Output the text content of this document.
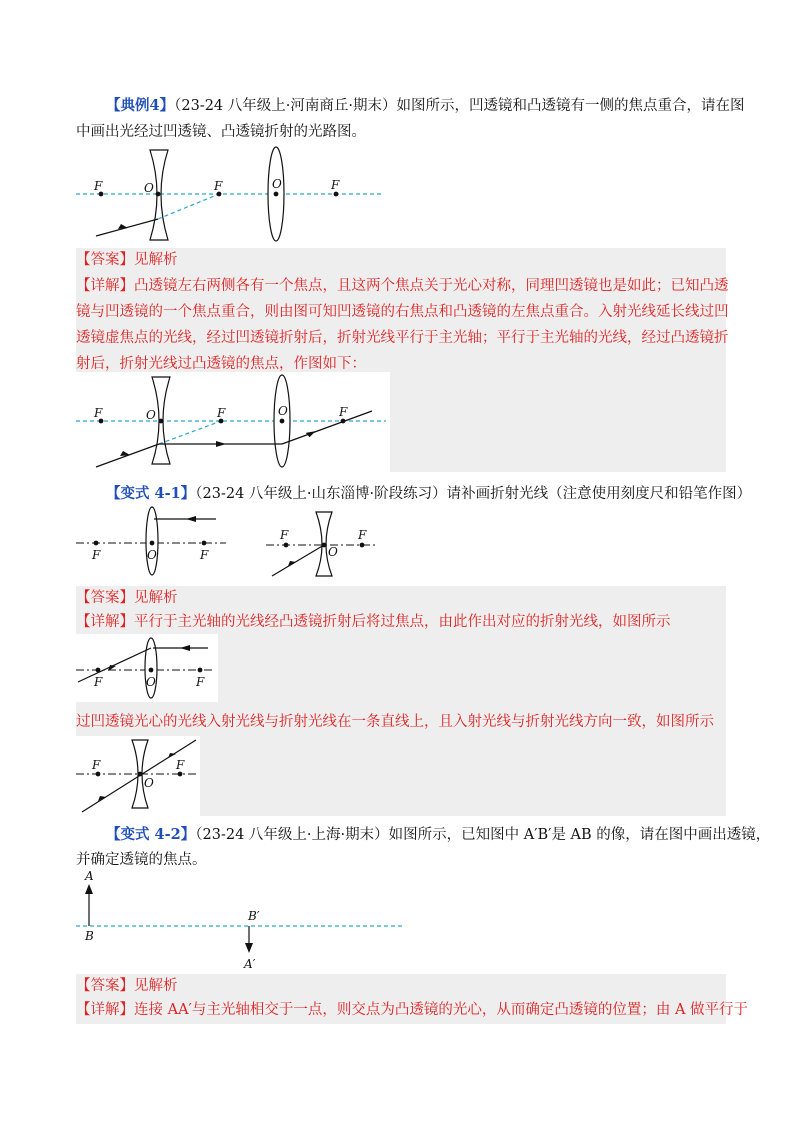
【典例4】（23-24 八年级上·河南商丘·期末）如图所示，凹透镜和凸透镜有一侧的焦点重合，请在图
中画出光经过凹透镜、凸透镜折射的光路图。
F	O	F	O	F
【答案】见解析
【详解】凸透镜左右两侧各有一个焦点，且这两个焦点关于光心对称，同理凹透镜也是如此；已知凸透
镜与凹透镜的一个焦点重合，则由图可知凹透镜的右焦点和凸透镜的左焦点重合。入射光线延长线过凹
透镜虚焦点的光线，经过凹透镜折射后，折射光线平行于主光轴；平行于主光轴的光线，经过凸透镜折
射后，折射光线过凸透镜的焦点，作图如下：
F	O	F	O	F
【变式 4-1】（23-24 八年级上·山东淄博·阶段练习）请补画折射光线（注意使用刻度尺和铅笔作图）
F	O	F
F
O
F
【答案】见解析
【详解】平行于主光轴的光线经凸透镜折射后将过焦点，由此作出对应的折射光线，如图所示
F	O	F
过凹透镜光心的光线入射光线与折射光线在一条直线上，且入射光线与折射光线方向一致，如图所示
F
O
F
【变式 4-2】（23-24 八年级上·上海·期末）如图所示，已知图中 A′B′是 AB 的像，请在图中画出透镜，
并确定透镜的焦点。
A
B
B′
A′
【答案】见解析
【详解】连接 AA′与主光轴相交于一点，则交点为凸透镜的光心，从而确定凸透镜的位置；由 A 做平行于
